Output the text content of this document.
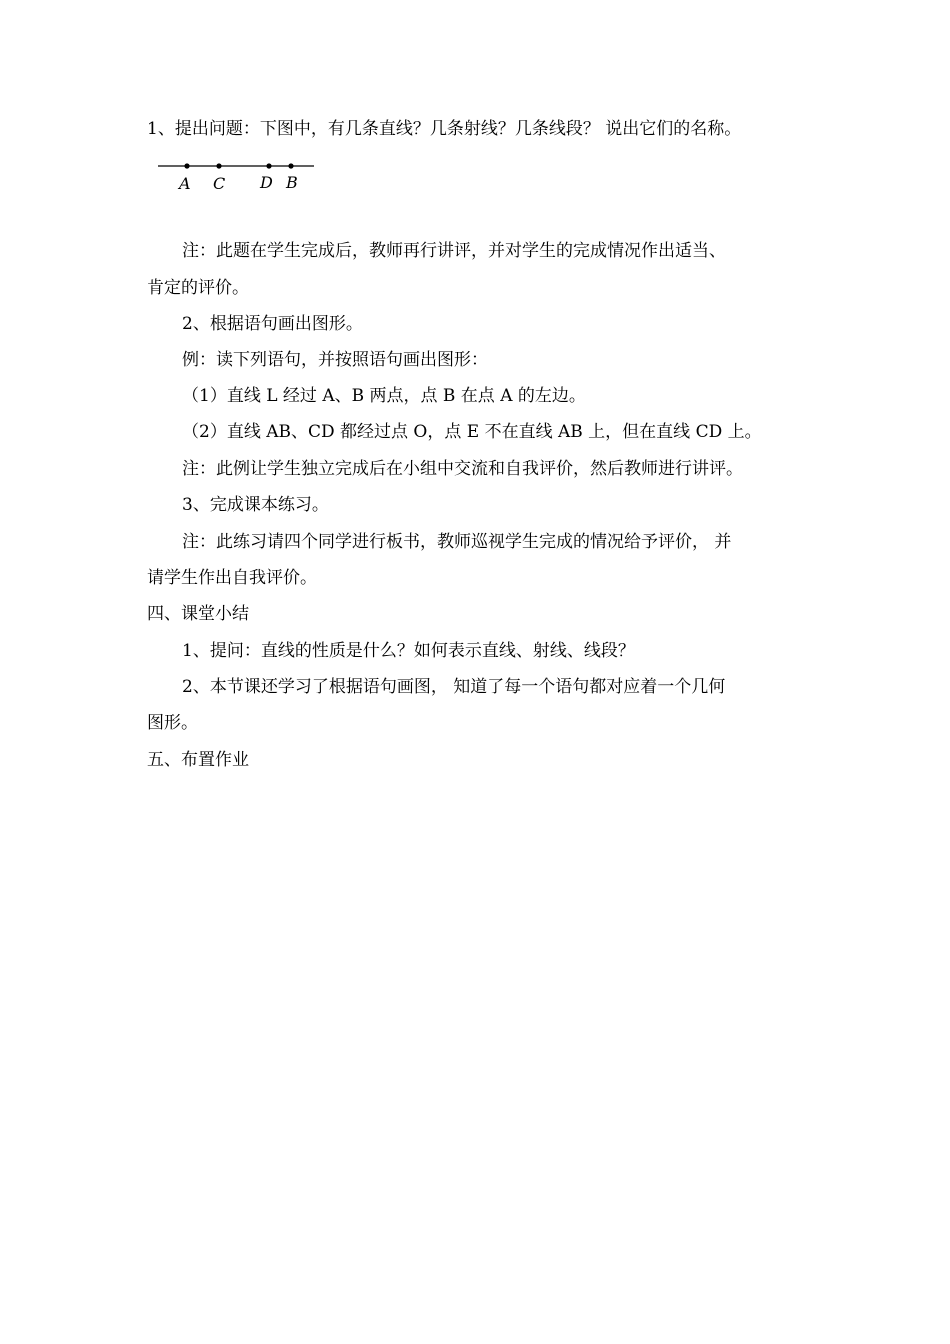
1、提出问题：下图中，有几条直线？几条射线？几条线段？ 说出它们的名称。
A C D B
注：此题在学生完成后，教师再行讲评，并对学生的完成情况作出适当、
肯定的评价。
2、根据语句画出图形。
例：读下列语句，并按照语句画出图形：
（1）直线 L 经过 A、B 两点，点 B 在点 A 的左边。
（2）直线 AB、CD 都经过点 O，点 E 不在直线 AB 上，但在直线 CD 上。
注：此例让学生独立完成后在小组中交流和自我评价，然后教师进行讲评。
3、完成课本练习。
注：此练习请四个同学进行板书，教师巡视学生完成的情况给予评价， 并
请学生作出自我评价。
四、课堂小结
1、提问：直线的性质是什么？如何表示直线、射线、线段？
2、本节课还学习了根据语句画图， 知道了每一个语句都对应着一个几何
图形。
五、布置作业
